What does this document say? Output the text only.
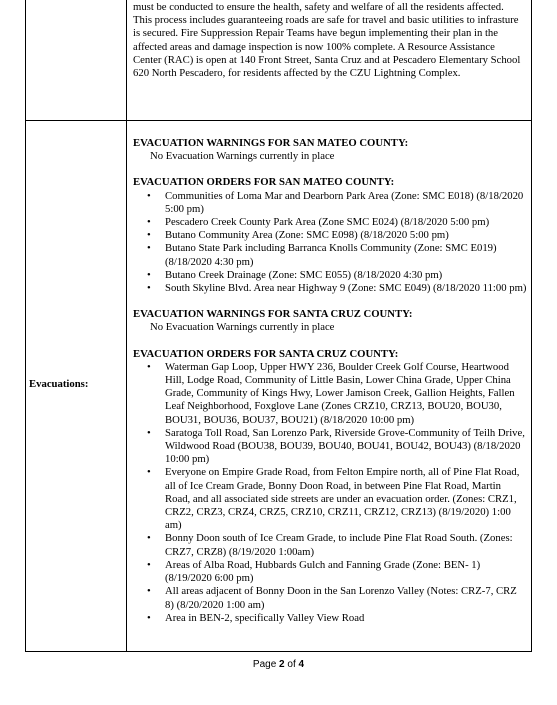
must be conducted to ensure the health, safety and welfare of all the residents affected. This process includes guaranteeing roads are safe for travel and basic utilities to infrasture is secured. Fire Suppression Repair Teams have begun implementing their plan in the affected areas and damage inspection is now 100% complete. A Resource Assistance Center (RAC) is open at 140 Front Street, Santa Cruz and at Pescadero Elementary School 620 North Pescadero, for residents affected by the CZU Lightning Complex.
Evacuations:
EVACUATION WARNINGS FOR SAN MATEO COUNTY:
No Evacuation Warnings currently in place
EVACUATION ORDERS FOR SAN MATEO COUNTY:
• Communities of Loma Mar and Dearborn Park Area (Zone: SMC E018) (8/18/2020 5:00 pm)
• Pescadero Creek County Park Area (Zone SMC E024) (8/18/2020 5:00 pm)
• Butano Community Area (Zone: SMC E098) (8/18/2020 5:00 pm)
• Butano State Park including Barranca Knolls Community (Zone: SMC E019) (8/18/2020 4:30 pm)
• Butano Creek Drainage (Zone: SMC E055) (8/18/2020 4:30 pm)
• South Skyline Blvd. Area near Highway 9 (Zone: SMC E049) (8/18/2020 11:00 pm)
EVACUATION WARNINGS FOR SANTA CRUZ COUNTY:
No Evacuation Warnings currently in place
EVACUATION ORDERS FOR SANTA CRUZ COUNTY:
• Waterman Gap Loop, Upper HWY 236, Boulder Creek Golf Course, Heartwood Hill, Lodge Road, Community of Little Basin, Lower China Grade, Upper China Grade, Community of Kings Hwy, Lower Jamison Creek, Gallion Heights, Fallen Leaf Neighborhood, Foxglove Lane (Zones CRZ10, CRZ13, BOU20, BOU30, BOU31, BOU36, BOU37, BOU21) (8/18/2020 10:00 pm)
• Saratoga Toll Road, San Lorenzo Park, Riverside Grove-Community of Teilh Drive, Wildwood Road (BOU38, BOU39, BOU40, BOU41, BOU42, BOU43) (8/18/2020 10:00 pm)
• Everyone on Empire Grade Road, from Felton Empire north, all of Pine Flat Road, all of Ice Cream Grade, Bonny Doon Road, in between Pine Flat Road, Martin Road, and all associated side streets are under an evacuation order. (Zones: CRZ1, CRZ2, CRZ3, CRZ4, CRZ5, CRZ10, CRZ11, CRZ12, CRZ13) (8/19/2020) 1:00 am)
• Bonny Doon south of Ice Cream Grade, to include Pine Flat Road South. (Zones: CRZ7, CRZ8) (8/19/2020 1:00am)
• Areas of Alba Road, Hubbards Gulch and Fanning Grade (Zone: BEN- 1) (8/19/2020 6:00 pm)
• All areas adjacent of Bonny Doon in the San Lorenzo Valley (Notes: CRZ-7, CRZ 8) (8/20/2020 1:00 am)
• Area in BEN-2, specifically Valley View Road
Page 2 of 4
